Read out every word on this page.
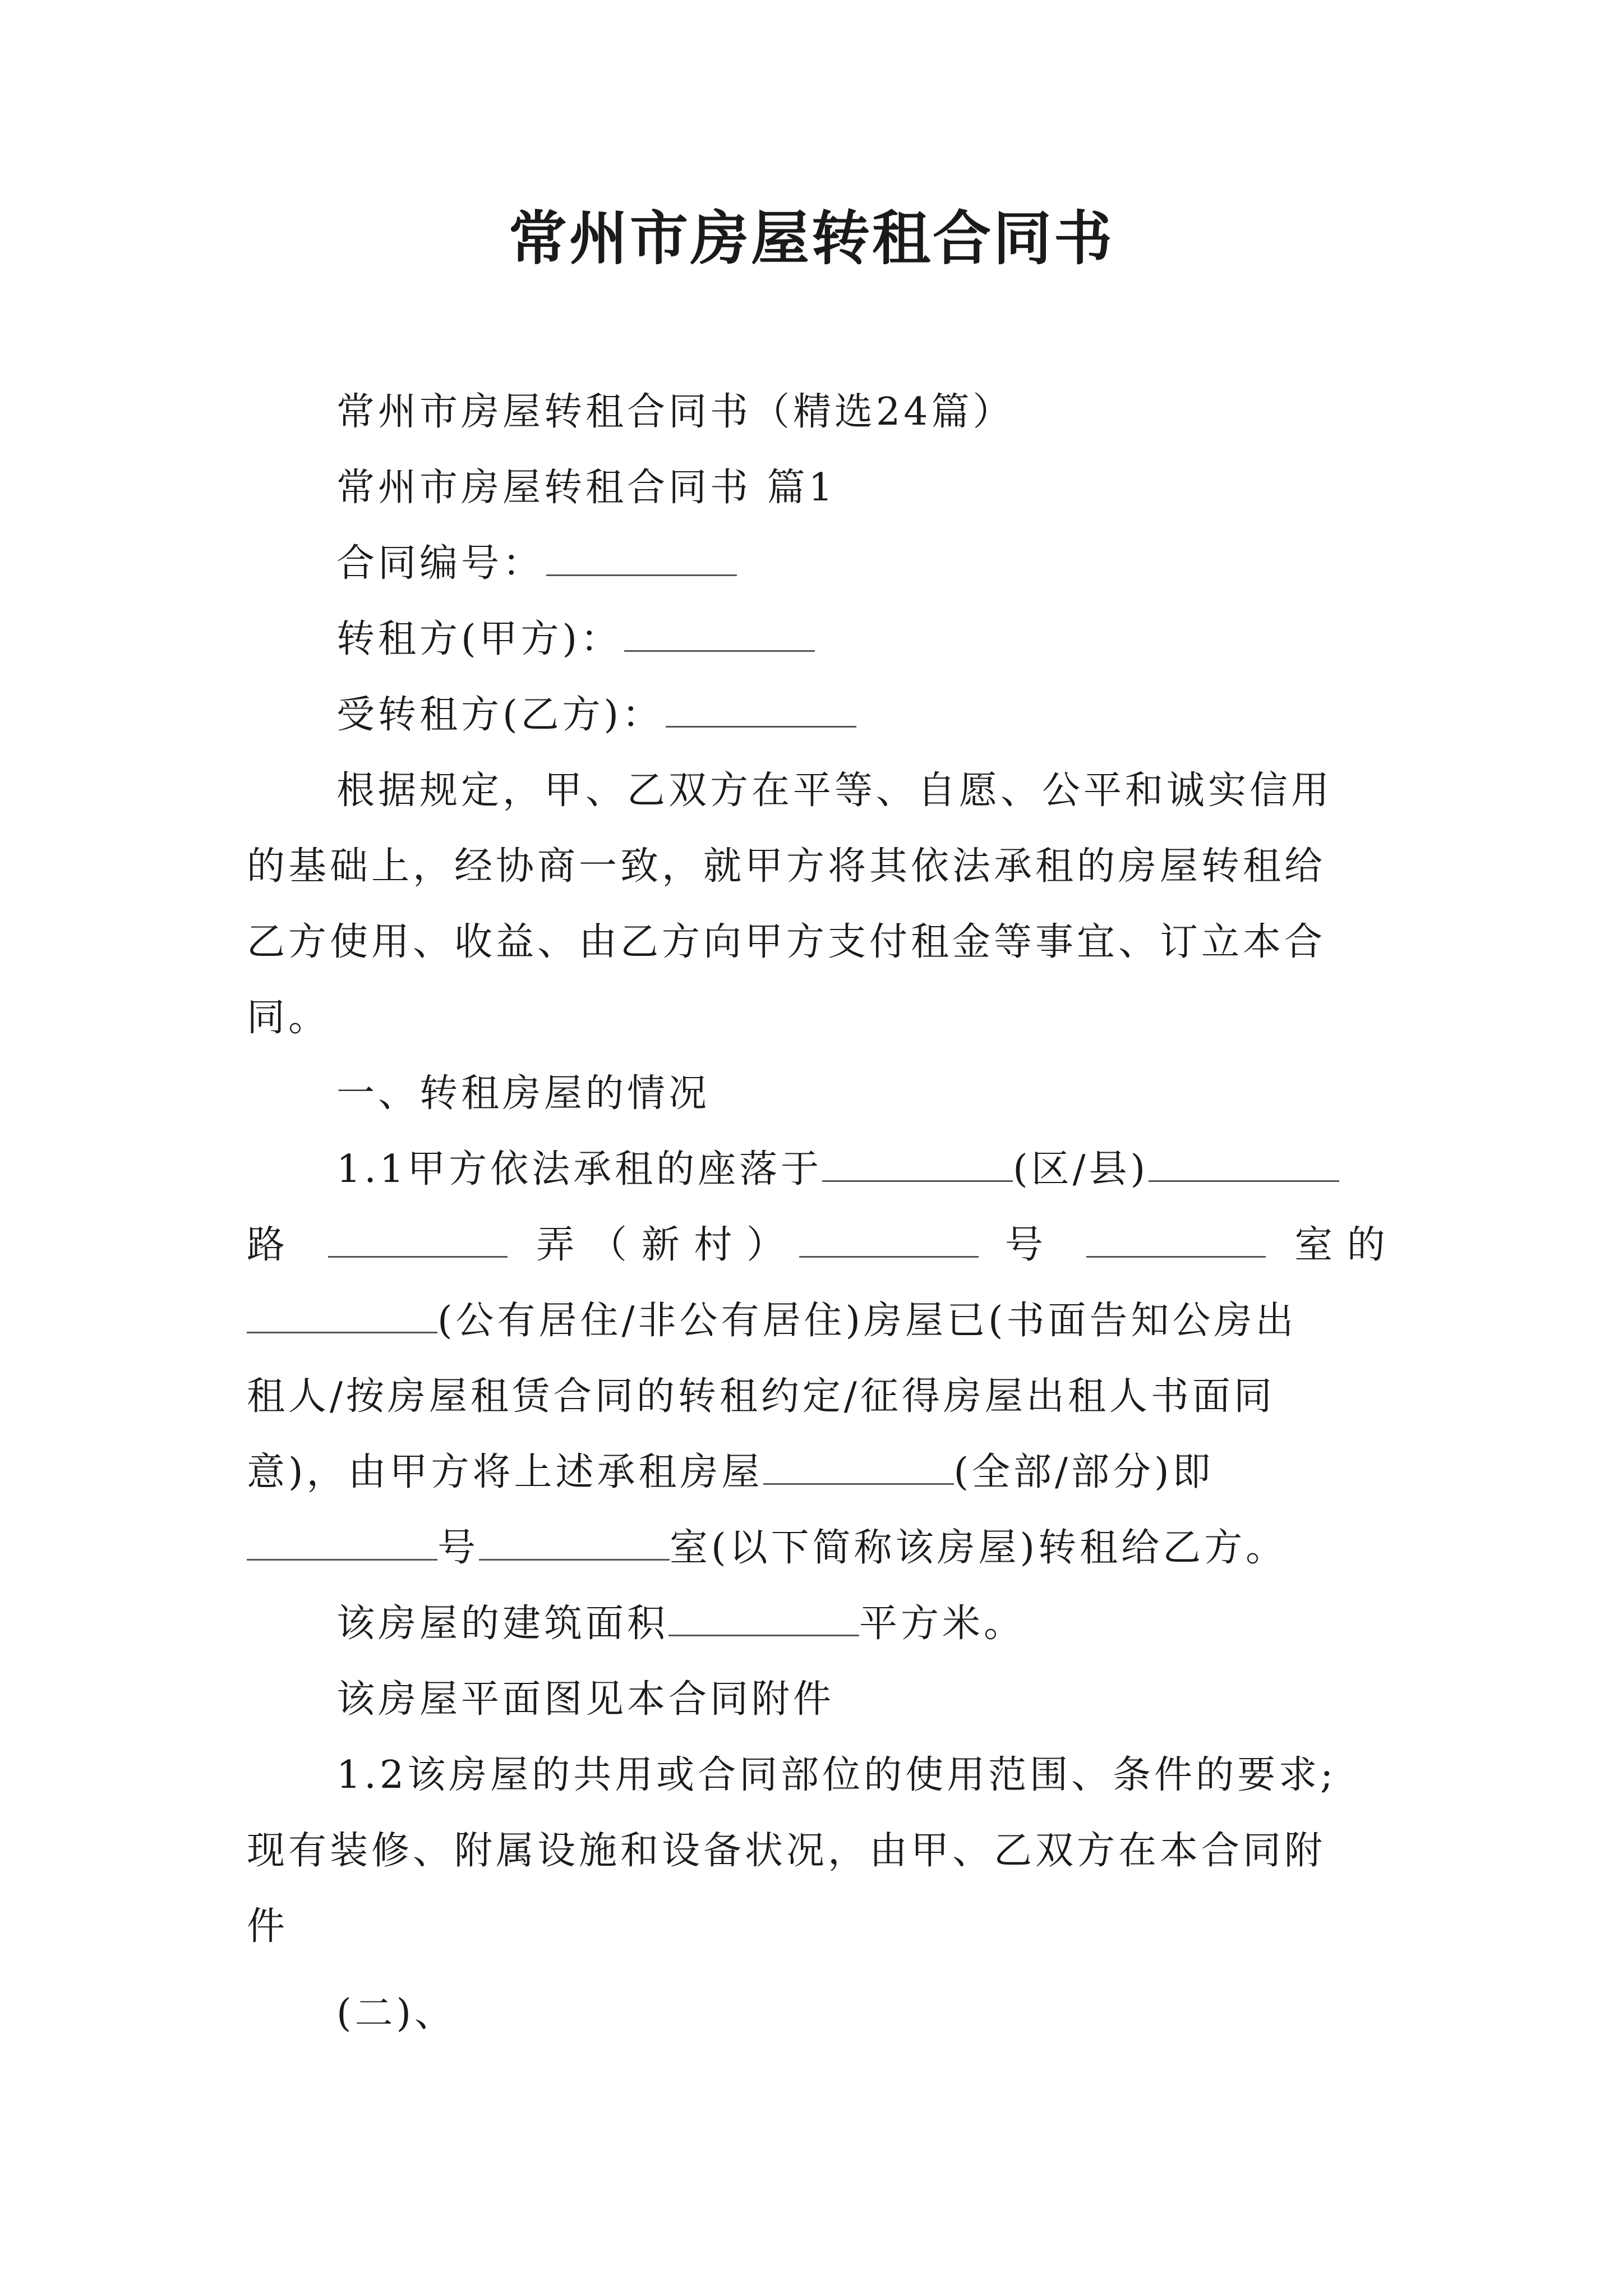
常州市房屋转租合同书
常州市房屋转租合同书（精选24篇）
常州市房屋转租合同书 篇1
合同编号：
转租方(甲方)：
受转租方(乙方)：
根据规定，甲、乙双方在平等、自愿、公平和诚实信用
的基础上，经协商一致，就甲方将其依法承租的房屋转租给
乙方使用、收益、由乙方向甲方支付租金等事宜、订立本合
同。
一、转租房屋的情况
1.1甲方依法承租的座落于	(区/县)
路	弄（新村）	号	室的
(公有居住/非公有居住)房屋已(书面告知公房出
租人/按房屋租赁合同的转租约定/征得房屋出租人书面同
意)，由甲方将上述承租房屋	(全部/部分)即
号	室(以下简称该房屋)转租给乙方。
该房屋的建筑面积	平方米。
该房屋平面图见本合同附件
1.2该房屋的共用或合同部位的使用范围、条件的要求;
现有装修、附属设施和设备状况，由甲、乙双方在本合同附
件
(二)、
